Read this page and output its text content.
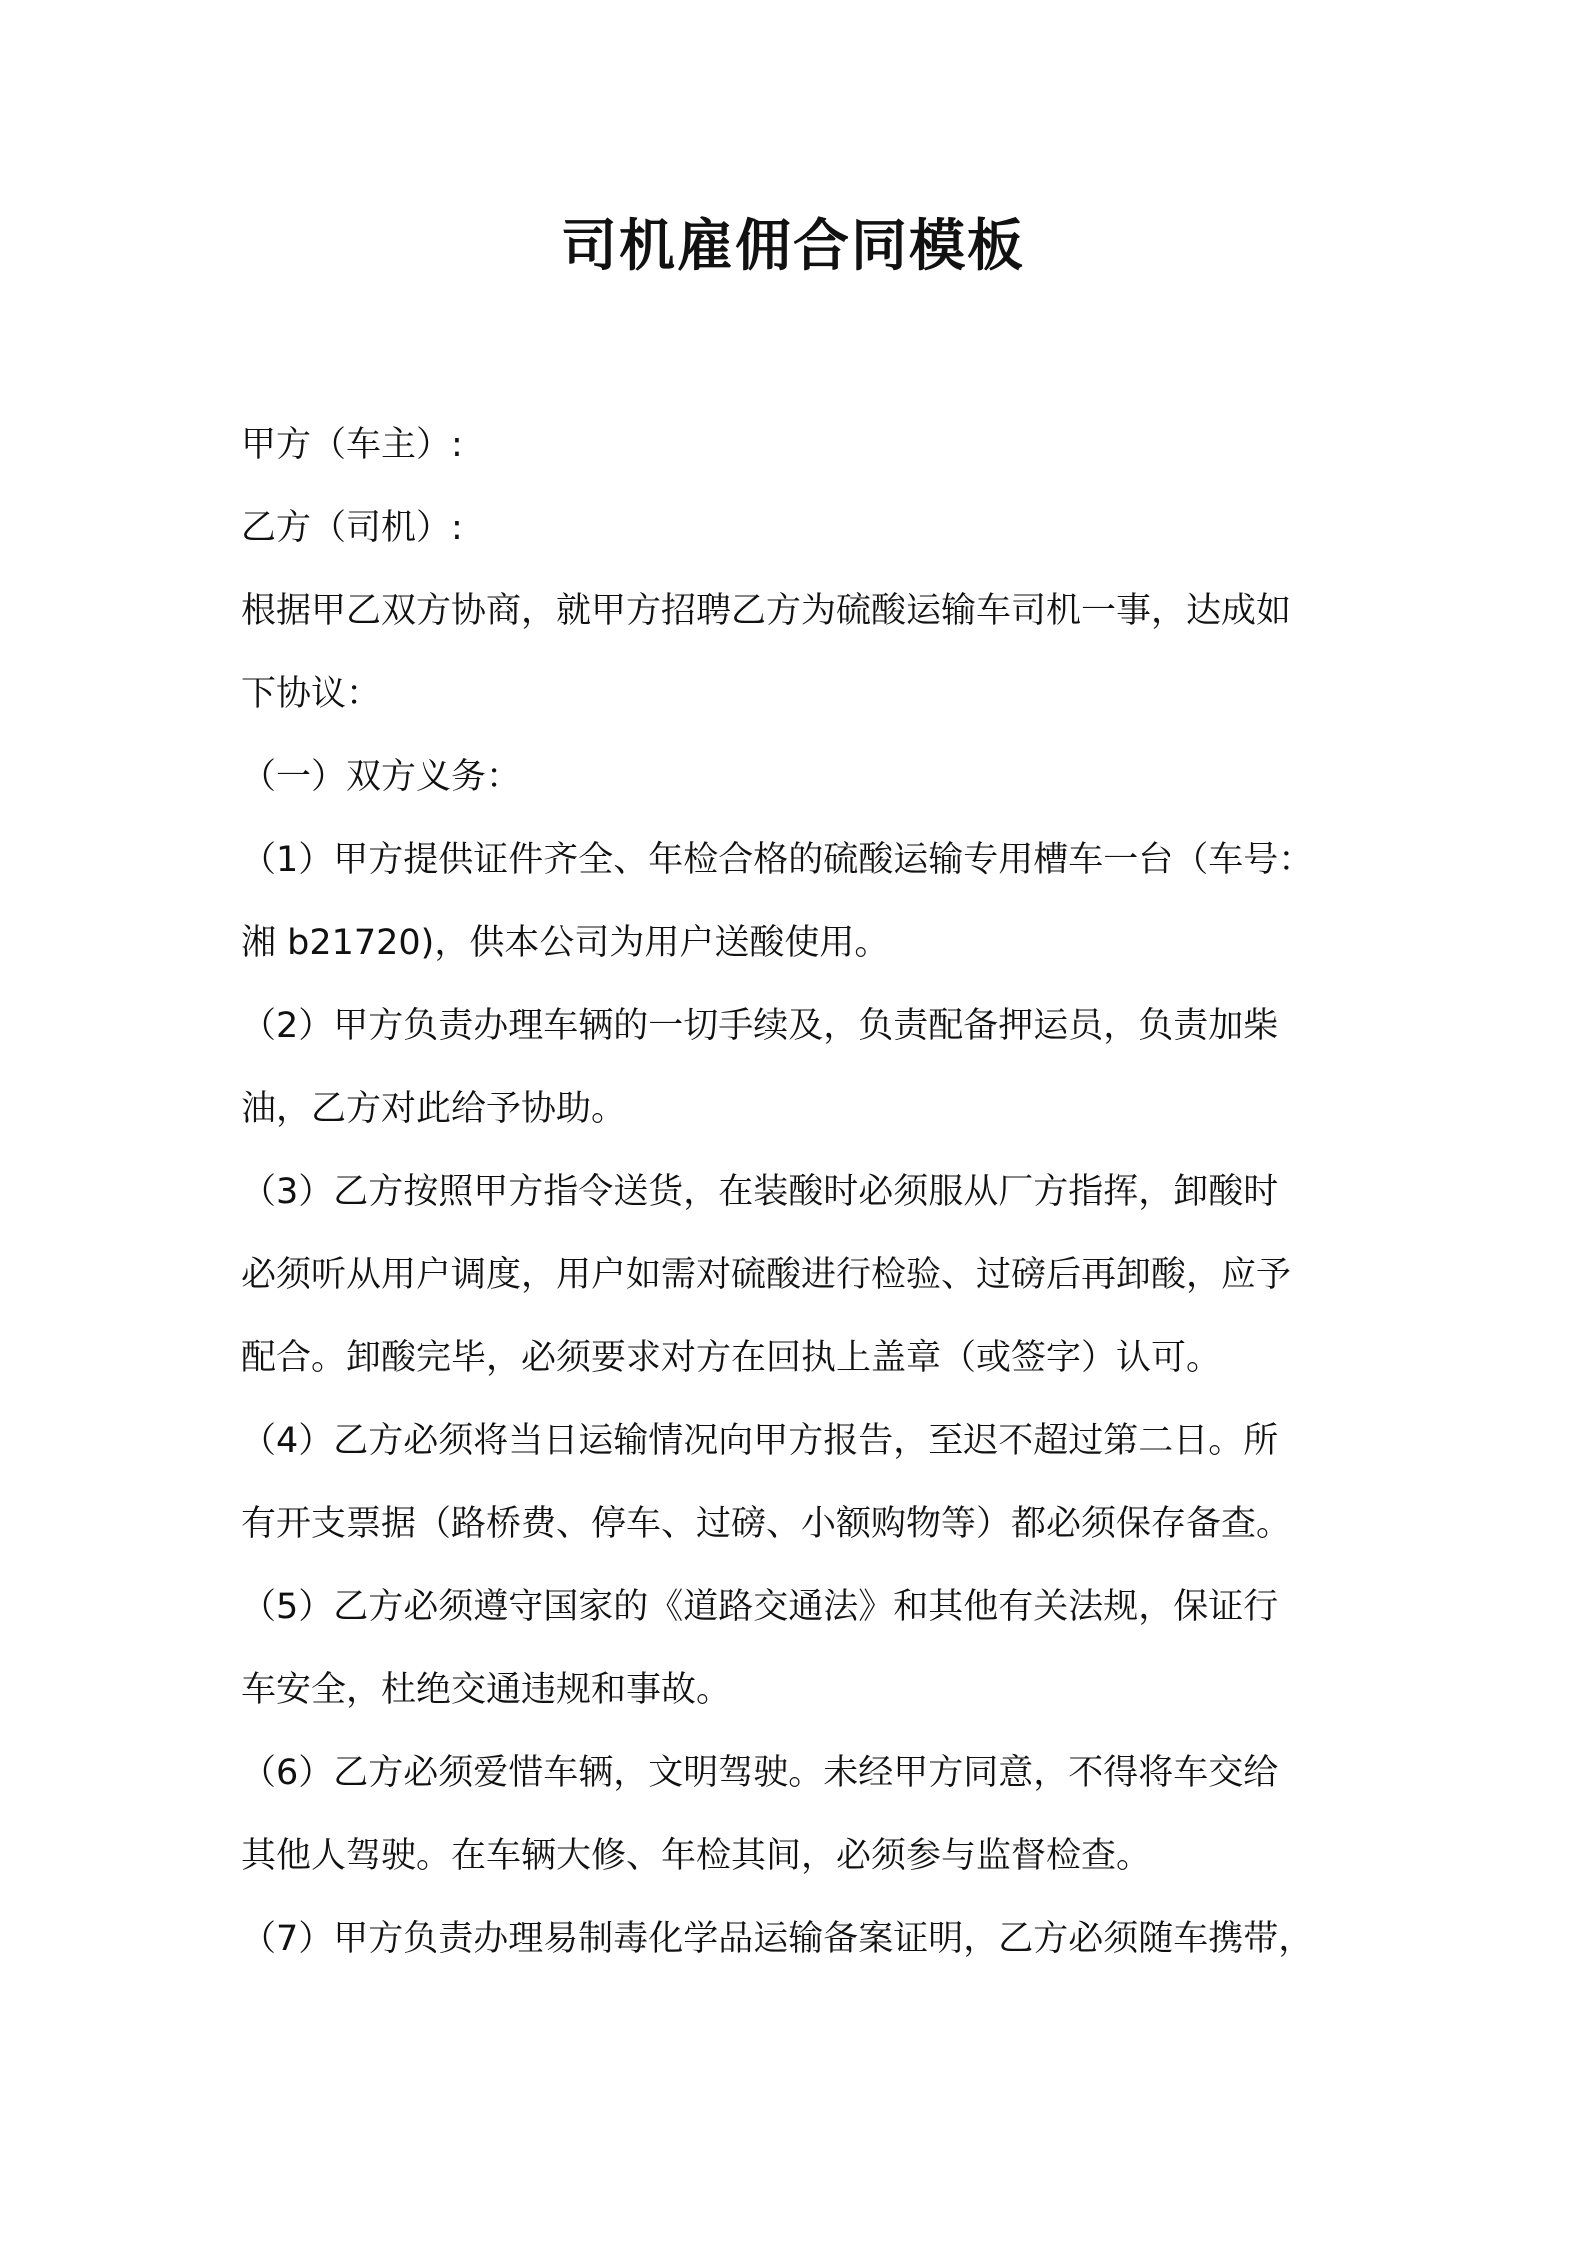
司机雇佣合同模板
甲方（车主）:
乙方（司机）:
根据甲乙双方协商，就甲方招聘乙方为硫酸运输车司机一事，达成如
下协议：
（一）双方义务：
（1）甲方提供证件齐全、年检合格的硫酸运输专用槽车一台（车号：
湘 b21720)，供本公司为用户送酸使用。
（2）甲方负责办理车辆的一切手续及，负责配备押运员，负责加柴
油，乙方对此给予协助。
（3）乙方按照甲方指令送货，在装酸时必须服从厂方指挥，卸酸时
必须听从用户调度，用户如需对硫酸进行检验、过磅后再卸酸，应予
配合。卸酸完毕，必须要求对方在回执上盖章（或签字）认可。
（4）乙方必须将当日运输情况向甲方报告，至迟不超过第二日。所
有开支票据（路桥费、停车、过磅、小额购物等）都必须保存备查。
（5）乙方必须遵守国家的《道路交通法》和其他有关法规，保证行
车安全，杜绝交通违规和事故。
（6）乙方必须爱惜车辆，文明驾驶。未经甲方同意，不得将车交给
其他人驾驶。在车辆大修、年检其间，必须参与监督检查。
（7）甲方负责办理易制毒化学品运输备案证明，乙方必须随车携带，
